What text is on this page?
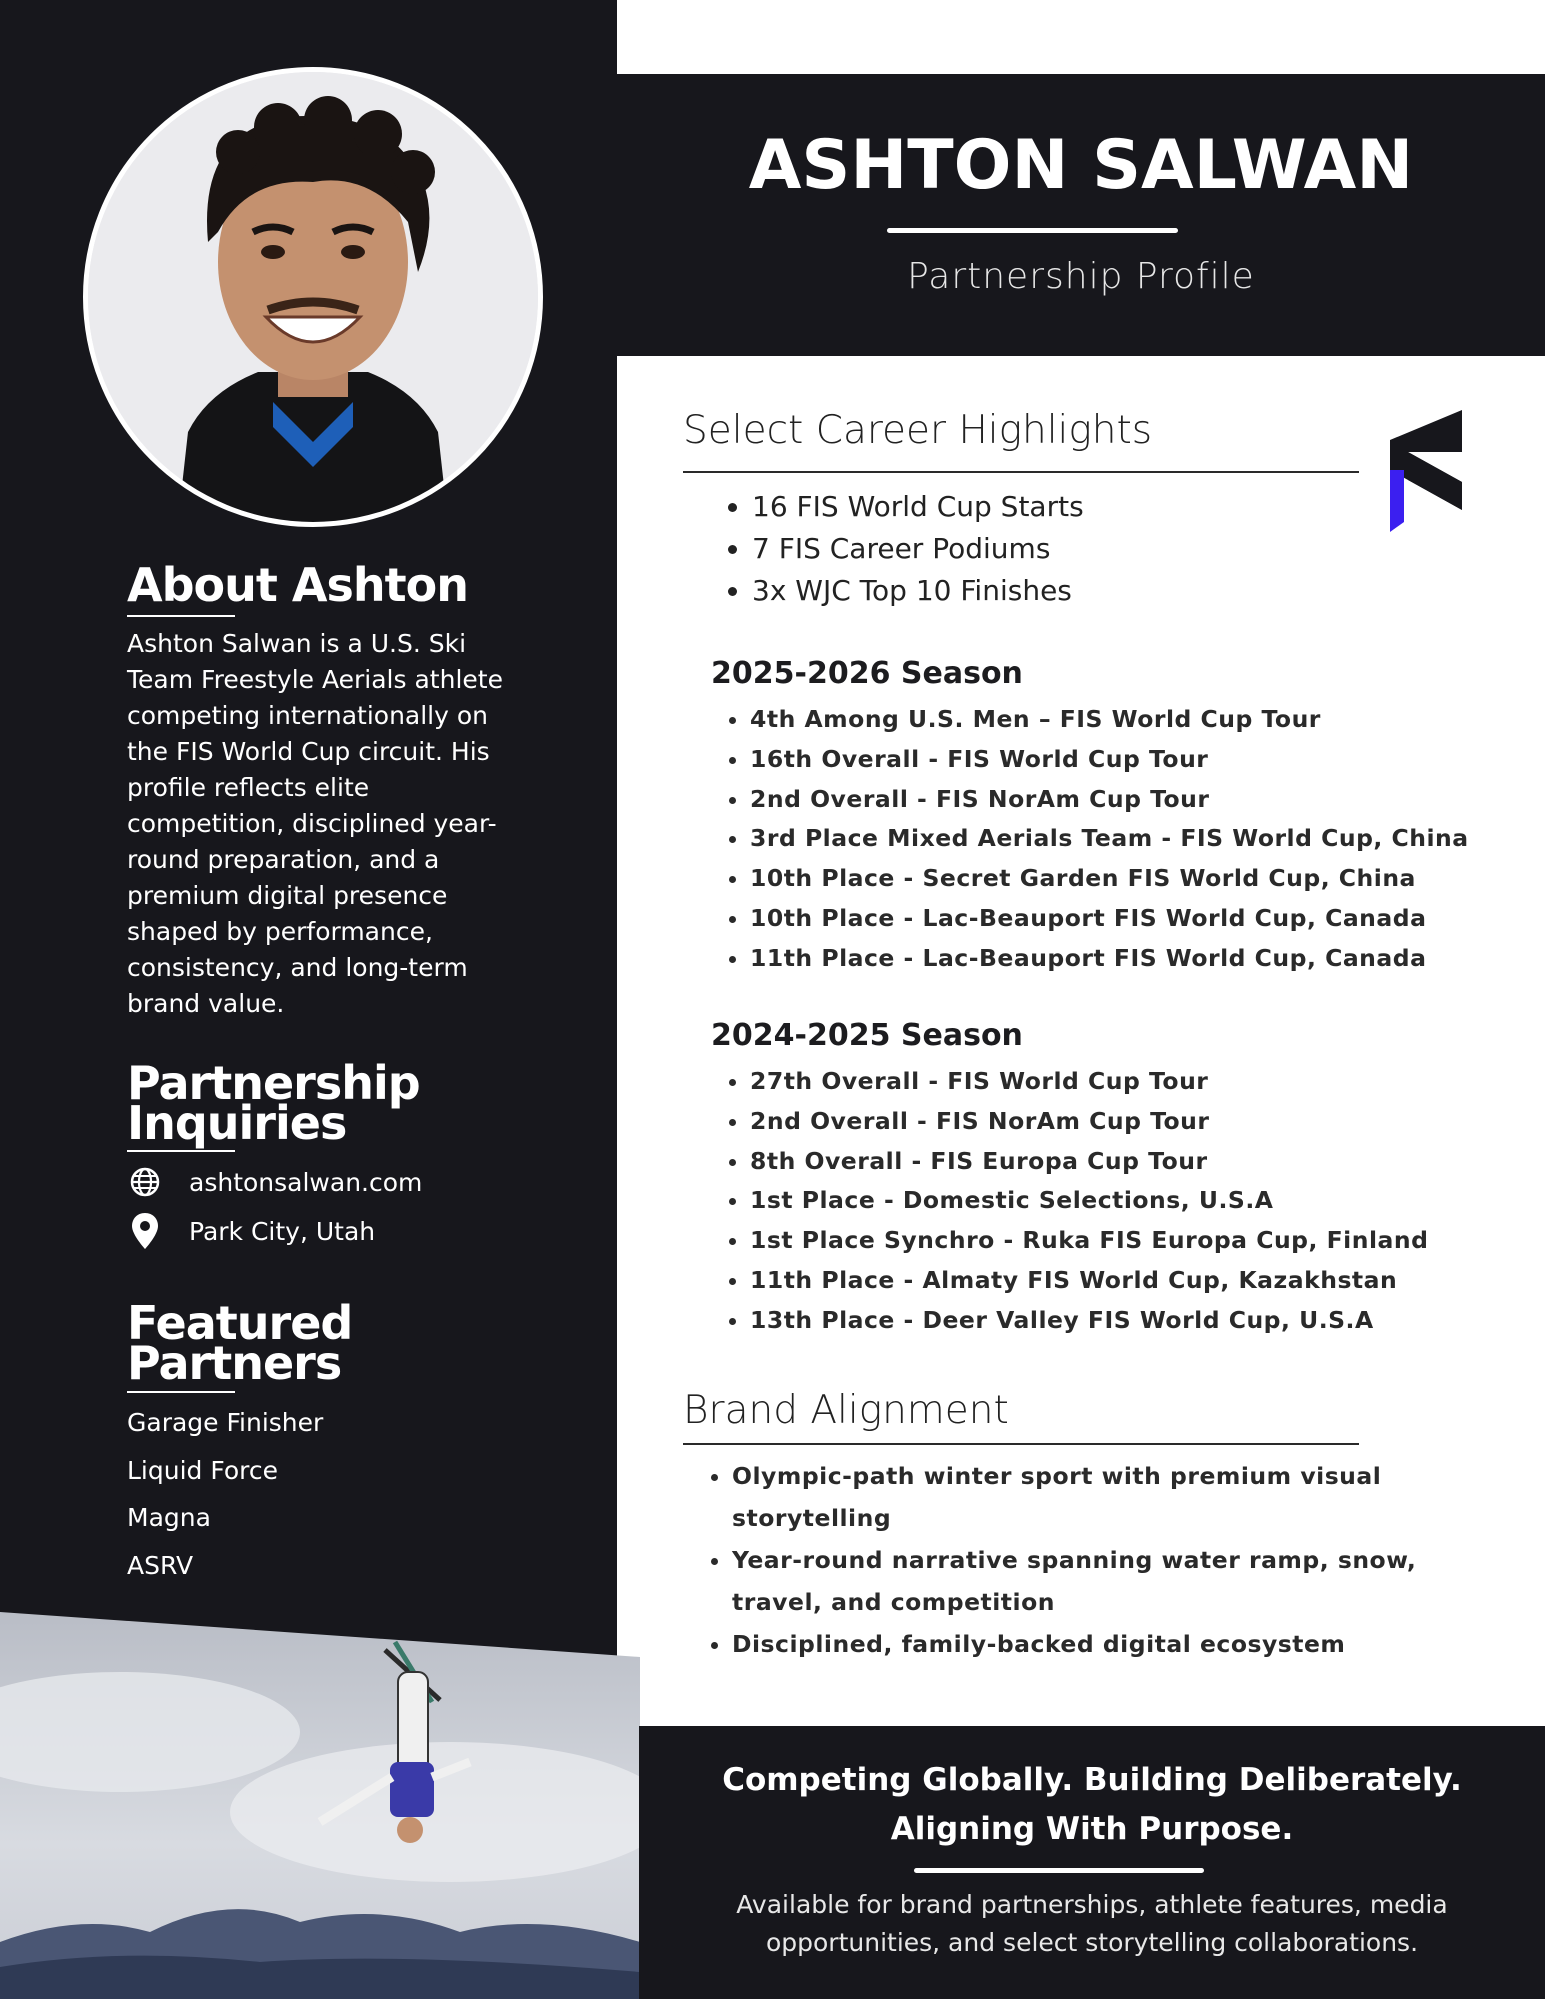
About Ashton
Ashton Salwan is a U.S. Ski Team Freestyle Aerials athlete competing internationally on the FIS World Cup circuit. His profile reflects elite competition, disciplined year-round preparation, and a premium digital presence shaped by performance, consistency, and long-term brand value.
Partnership
Inquiries
ashtonsalwan.com
Park City, Utah
Featured
Partners
Garage Finisher
Liquid Force
Magna
ASRV
ASHTON SALWAN
Partnership Profile
Select Career Highlights
• 16 FIS World Cup Starts
• 7 FIS Career Podiums
• 3x WJC Top 10 Finishes
2025-2026 Season
• 4th Among U.S. Men – FIS World Cup Tour
• 16th Overall - FIS World Cup Tour
• 2nd Overall - FIS NorAm Cup Tour
• 3rd Place Mixed Aerials Team - FIS World Cup, China
• 10th Place - Secret Garden FIS World Cup, China
• 10th Place - Lac-Beauport FIS World Cup, Canada
• 11th Place - Lac-Beauport FIS World Cup, Canada
2024-2025 Season
• 27th Overall - FIS World Cup Tour
• 2nd Overall - FIS NorAm Cup Tour
• 8th Overall - FIS Europa Cup Tour
• 1st Place - Domestic Selections, U.S.A
• 1st Place Synchro - Ruka FIS Europa Cup, Finland
• 11th Place - Almaty FIS World Cup, Kazakhstan
• 13th Place - Deer Valley FIS World Cup, U.S.A
Brand Alignment
• Olympic-path winter sport with premium visual storytelling
• Year-round narrative spanning water ramp, snow, travel, and competition
• Disciplined, family-backed digital ecosystem
Competing Globally. Building Deliberately.
Aligning With Purpose.
Available for brand partnerships, athlete features, media opportunities, and select storytelling collaborations.
